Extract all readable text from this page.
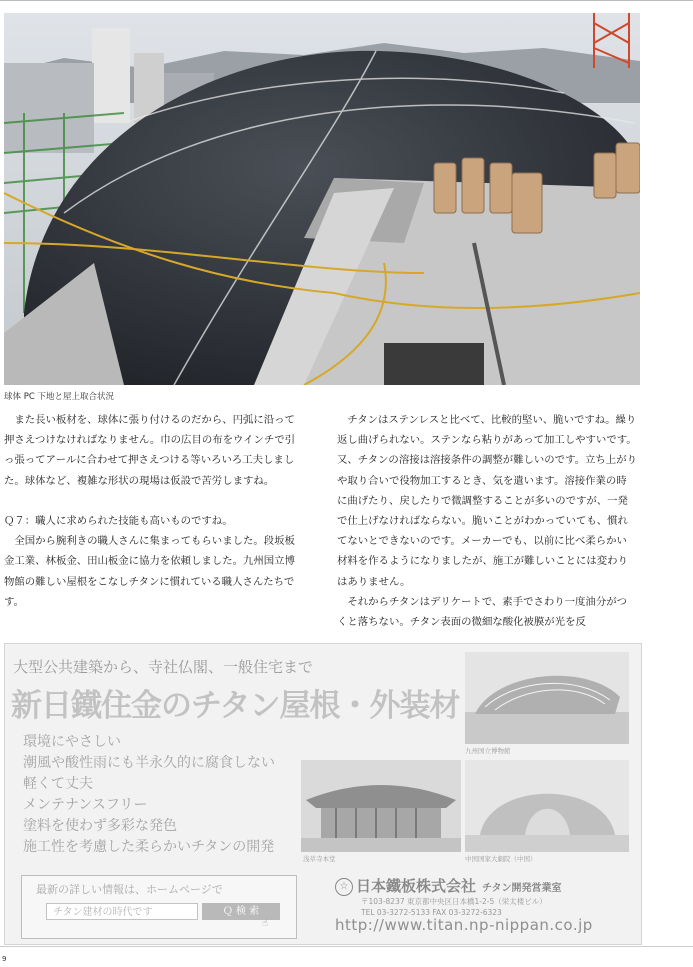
球体 PC 下地と屋上取合状況

また長い板材を、球体に張り付けるのだから、円弧に沿って押さえつけなければなりません。巾の広目の布をウインチで引っ張ってアールに合わせて押さえつける等いろいろ工夫しました。球体など、複雑な形状の現場は仮設で苦労しますね。

Ｑ７：職人に求められた技能も高いものですね。

全国から腕利きの職人さんに集まってもらいました。段坂板金工業、林板金、田山板金に協力を依頼しました。九州国立博物館の難しい屋根をこなしチタンに慣れている職人さんたちです。

チタンはステンレスと比べて、比較的堅い、脆いですね。繰り返し曲げられない。ステンなら粘りがあって加工しやすいです。又、チタンの溶接は溶接条件の調整が難しいのです。立ち上がりや取り合いで役物加工するとき、気を遣います。溶接作業の時に曲げたり、戻したりで微調整することが多いのですが、一発で仕上げなければならない。脆いことがわかっていても、慣れてないとできないのです。メーカーでも、以前に比べ柔らかい材料を作るようになりましたが、施工が難しいことには変わりはありません。

それからチタンはデリケートで、素手でさわり一度油分がつくと落ちない。チタン表面の微細な酸化被膜が光を反

大型公共建築から、寺社仏閣、一般住宅まで
新日鐵住金のチタン屋根・外装材
環境にやさしい
潮風や酸性雨にも半永久的に腐食しない
軽くて丈夫
メンテナンスフリー
塗料を使わず多彩な発色
施工性を考慮した柔らかいチタンの開発
九州国立博物館
浅草寺本堂	中国国家大劇院（中国）
最新の詳しい情報は、ホームページで
チタン建材の時代です	Ｑ 検 索
☝
☆ 日本鐵板株式会社 チタン開発営業室
〒103-8237 東京都中央区日本橋1-2-5（栄太楼ビル）
TEL 03-3272-5133 FAX 03-3272-6323
http://www.titan.np-nippan.co.jp
9
